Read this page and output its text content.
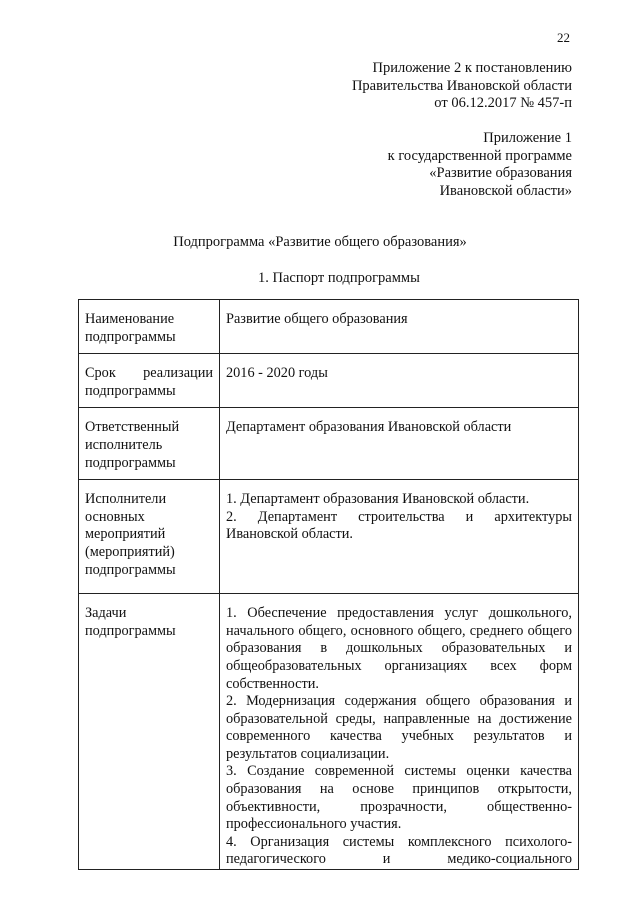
22
Приложение 2 к постановлению
Правительства Ивановской области
от 06.12.2017 № 457-п
Приложение 1
к государственной программе
«Развитие образования
Ивановской области»
Подпрограмма «Развитие общего образования»
1. Паспорт подпрограммы
Наименование подпрограммы	Развитие общего образования
Срок реализации подпрограммы	2016 - 2020 годы
Ответственный исполнитель подпрограммы	Департамент образования Ивановской области
Исполнители основных мероприятий (мероприятий) подпрограммы	1. Департамент образования Ивановской области.
2. Департамент строительства и архитектуры Ивановской области.

Задачи подпрограммы	1. Обеспечение предоставления услуг дошкольного, начального общего, основного общего, среднего общего образования в дошкольных образовательных и общеобразовательных организациях всех форм собственности.
2. Модернизация содержания общего образования и образовательной среды, направленные на достижение современного качества учебных результатов и результатов социализации.
3. Создание современной системы оценки качества образования на основе принципов открытости, объективности, прозрачности, общественно-профессионального участия.
4. Организация системы комплексного психолого-педагогического и медико-социального
